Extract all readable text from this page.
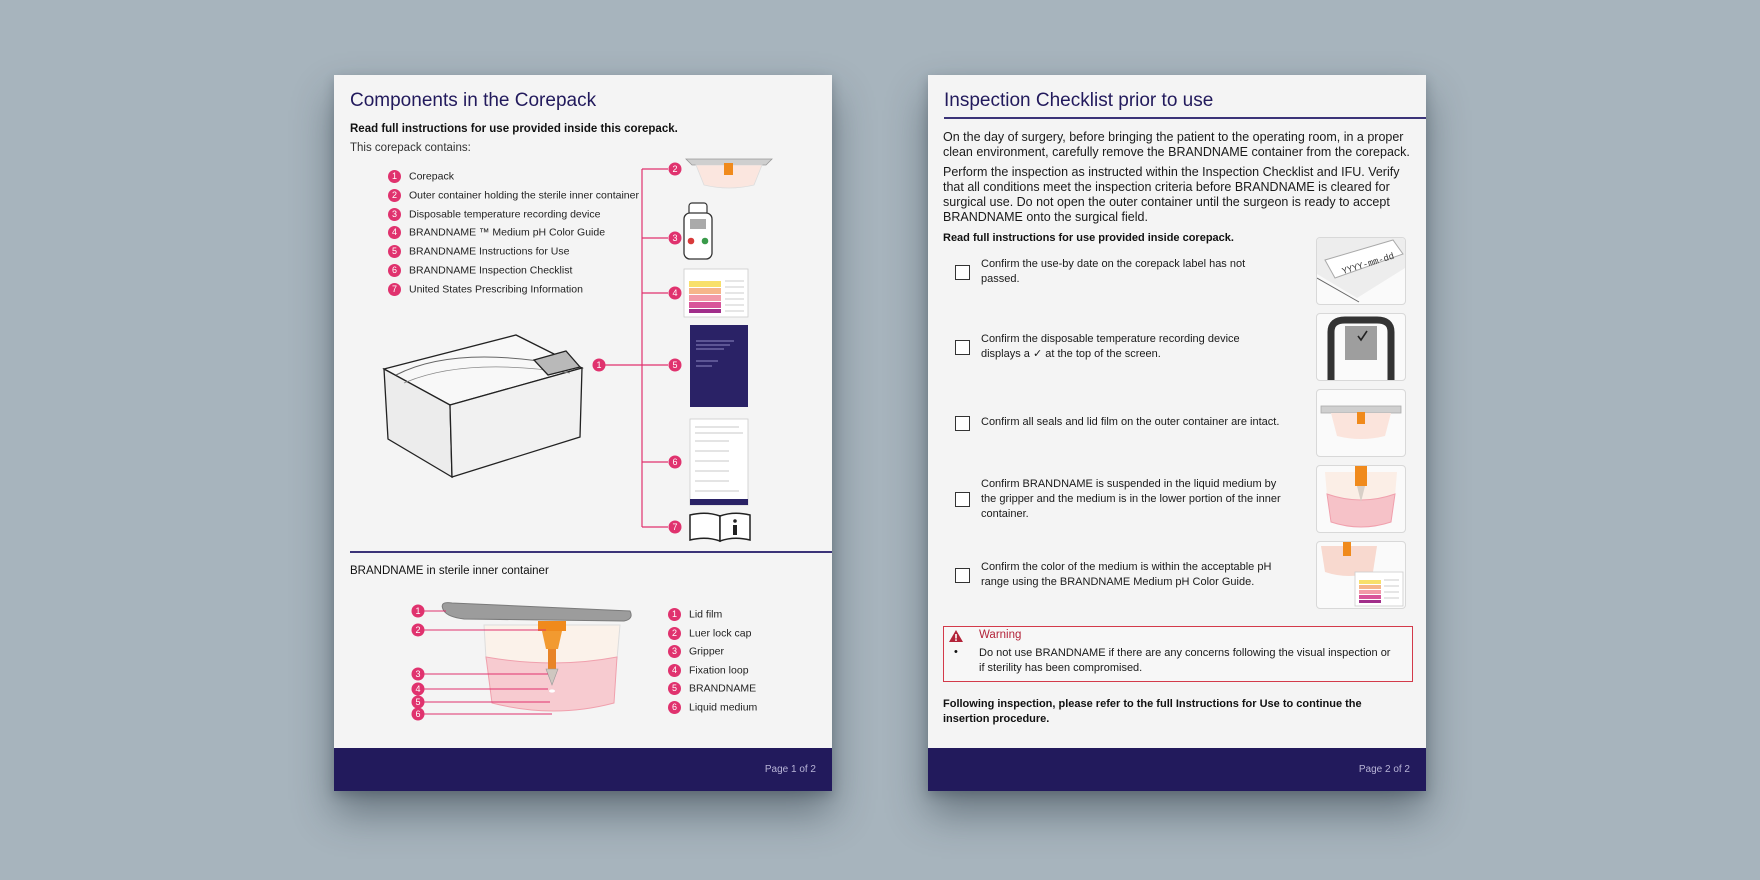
Components in the Corepack
Read full instructions for use provided inside this corepack.
This corepack contains:
1 Corepack
2 Outer container holding the sterile inner container
3 Disposable temperature recording device
4 BRANDNAME ™ Medium pH Color Guide
5 BRANDNAME Instructions for Use
6 BRANDNAME Inspection Checklist
7 United States Prescribing Information
1
2
3
4
5
6
7
BRANDNAME in sterile inner container
1
2
3
4
5
6
1 Lid film
2 Luer lock cap
3 Gripper
4 Fixation loop
5 BRANDNAME
6 Liquid medium
Page 1 of 2
Inspection Checklist prior to use

On the day of surgery, before bringing the patient to the operating room, in a proper clean environment, carefully remove the BRANDNAME container from the corepack.

Perform the inspection as instructed within the Inspection Checklist and IFU. Verify that all conditions meet the inspection criteria before BRANDNAME is cleared for surgical use. Do not open the outer container until the surgeon is ready to accept BRANDNAME onto the surgical field.

Read full instructions for use provided inside corepack.
Confirm the use-by date on the corepack label has not passed.
YYYY-mm-dd
Confirm the disposable temperature recording device displays a ✓ at the top of the screen.
Confirm all seals and lid film on the outer container are intact.
Confirm BRANDNAME is suspended in the liquid medium by the gripper and the medium is in the lower portion of the inner container.
Confirm the color of the medium is within the acceptable pH range using the BRANDNAME Medium pH Color Guide.
Warning
• Do not use BRANDNAME if there are any concerns following the visual inspection or if sterility has been compromised.
Following inspection, please refer to the full Instructions for Use to continue the insertion procedure.
Page 2 of 2
